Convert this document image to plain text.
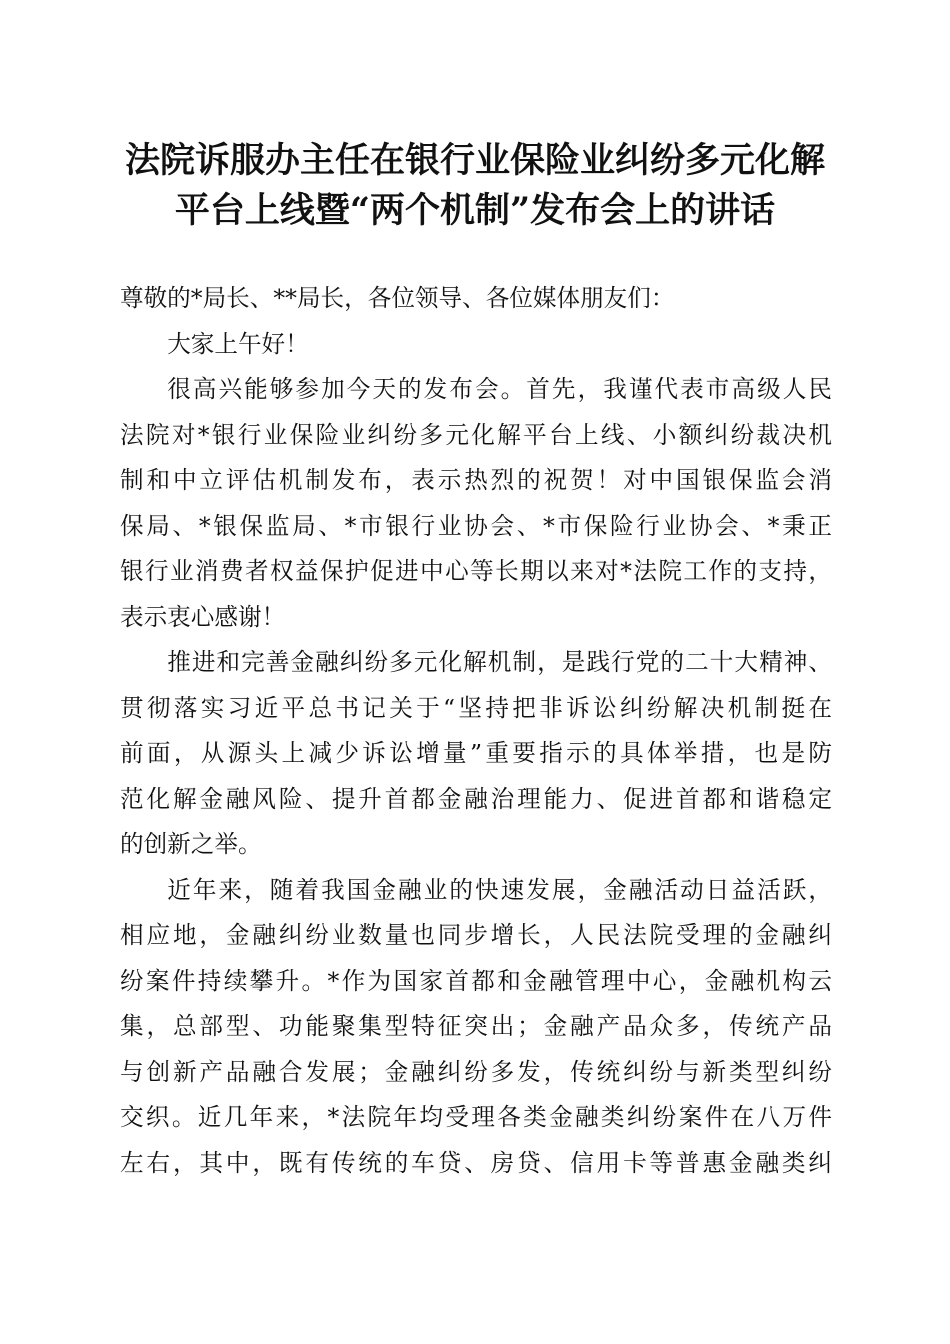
法院诉服办主任在银行业保险业纠纷多元化解
平台上线暨“两个机制”发布会上的讲话

尊敬的*局长、**局长，各位领导、各位媒体朋友们：

大家上午好！

很高兴能够参加今天的发布会。首先，我谨代表市高级人民
法院对*银行业保险业纠纷多元化解平台上线、小额纠纷裁决机
制和中立评估机制发布，表示热烈的祝贺！对中国银保监会消
保局、*银保监局、*市银行业协会、*市保险行业协会、*秉正
银行业消费者权益保护促进中心等长期以来对*法院工作的支持，
表示衷心感谢！

推进和完善金融纠纷多元化解机制，是践行党的二十大精神、
贯彻落实习近平总书记关于“坚持把非诉讼纠纷解决机制挺在
前面，从源头上减少诉讼增量”重要指示的具体举措，也是防
范化解金融风险、提升首都金融治理能力、促进首都和谐稳定
的创新之举。

近年来，随着我国金融业的快速发展，金融活动日益活跃，
相应地，金融纠纷业数量也同步增长，人民法院受理的金融纠
纷案件持续攀升。*作为国家首都和金融管理中心，金融机构云
集，总部型、功能聚集型特征突出；金融产品众多，传统产品
与创新产品融合发展；金融纠纷多发，传统纠纷与新类型纠纷
交织。近几年来，*法院年均受理各类金融类纠纷案件在八万件
左右，其中，既有传统的车贷、房贷、信用卡等普惠金融类纠
